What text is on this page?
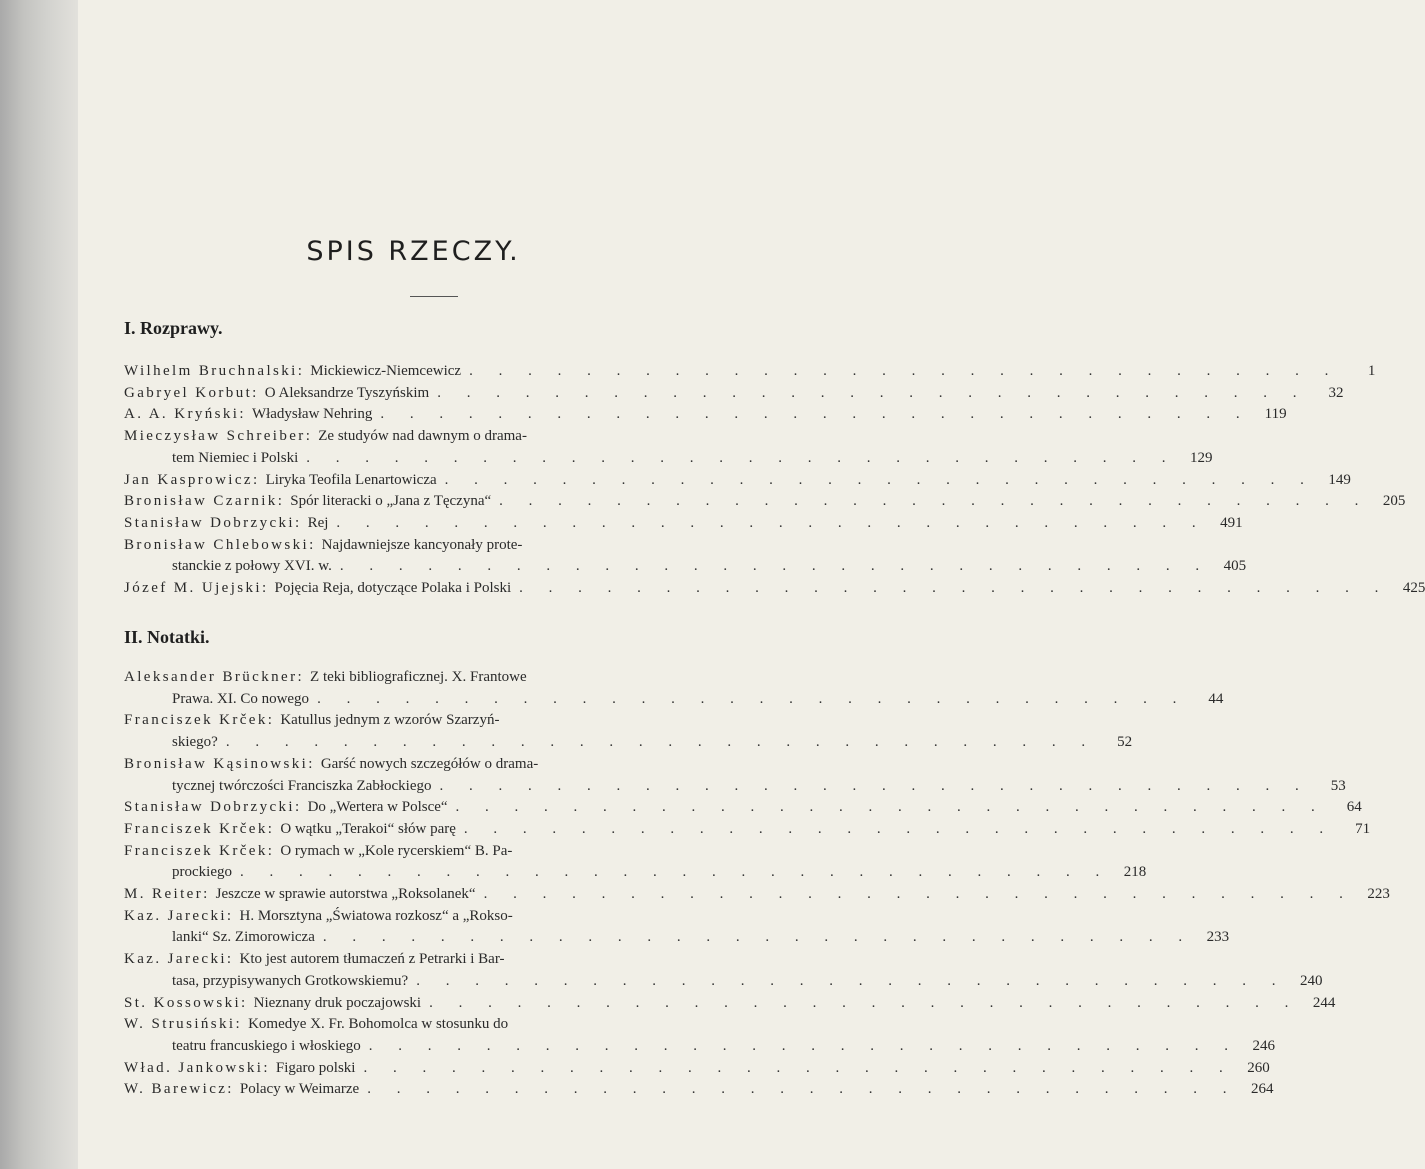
SPIS RZECZY.
I. Rozprawy.
Wilhelm Bruchnalski: Mickiewicz-Niemcewicz . . . . . . . . . . . . . . . . . . . . . . . . . . . . . .	1
Gabryel Korbut: O Aleksandrze Tyszyńskim . . . . . . . . . . . . . . . . . . . . . . . . . . . . . .	32
A. A. Kryński: Władysław Nehring . . . . . . . . . . . . . . . . . . . . . . . . . . . . . . 119
Mieczysław Schreiber: Ze studyów nad dawnym o drama-
tem Niemiec i Polski . . . . . . . . . . . . . . . . . . . . . . . . . . . . . . 129
Jan Kasprowicz: Liryka Teofila Lenartowicza . . . . . . . . . . . . . . . . . . . . . . . . . . . . . . 149
Bronisław Czarnik: Spór literacki o „Jana z Tęczyna“ . . . . . . . . . . . . . . . . . . . . . . . . . . . . . . 205
Stanisław Dobrzycki: Rej . . . . . . . . . . . . . . . . . . . . . . . . . . . . . . 491
Bronisław Chlebowski: Najdawniejsze kancyonały prote-
stanckie z połowy XVI. w. . . . . . . . . . . . . . . . . . . . . . . . . . . . . . . 405
Józef M. Ujejski: Pojęcia Reja, dotyczące Polaka i Polski . . . . . . . . . . . . . . . . . . . . . . . . . . . . . . 425
II. Notatki.
Aleksander Brückner: Z teki bibliograficznej. X. Frantowe
Prawa. XI. Co nowego . . . . . . . . . . . . . . . . . . . . . . . . . . . . . .	44
Franciszek Krček: Katullus jednym z wzorów Szarzyń-
skiego? . . . . . . . . . . . . . . . . . . . . . . . . . . . . . .	52
Bronisław Kąsinowski: Garść nowych szczegółów o drama-
tycznej twórczości Franciszka Zabłockiego . . . . . . . . . . . . . . . . . . . . . . . . . . . . . .	53
Stanisław Dobrzycki: Do „Wertera w Polsce“ . . . . . . . . . . . . . . . . . . . . . . . . . . . . . .	64
Franciszek Krček: O wątku „Terakoi“ słów parę . . . . . . . . . . . . . . . . . . . . . . . . . . . . . .	71
Franciszek Krček: O rymach w „Kole rycerskiem“ B. Pa-
prockiego . . . . . . . . . . . . . . . . . . . . . . . . . . . . . . 218
M. Reiter: Jeszcze w sprawie autorstwa „Roksolanek“ . . . . . . . . . . . . . . . . . . . . . . . . . . . . . . 223
Kaz. Jarecki: H. Morsztyna „Światowa rozkosz“ a „Rokso-
lanki“ Sz. Zimorowicza . . . . . . . . . . . . . . . . . . . . . . . . . . . . . . 233
Kaz. Jarecki: Kto jest autorem tłumaczeń z Petrarki i Bar-
tasa, przypisywanych Grotkowskiemu? . . . . . . . . . . . . . . . . . . . . . . . . . . . . . . 240
St. Kossowski: Nieznany druk poczajowski . . . . . . . . . . . . . . . . . . . . . . . . . . . . . . 244
W. Strusiński: Komedye X. Fr. Bohomolca w stosunku do
teatru francuskiego i włoskiego . . . . . . . . . . . . . . . . . . . . . . . . . . . . . . 246
Wład. Jankowski: Figaro polski . . . . . . . . . . . . . . . . . . . . . . . . . . . . . . 260
W. Barewicz: Polacy w Weimarze . . . . . . . . . . . . . . . . . . . . . . . . . . . . . . 264
